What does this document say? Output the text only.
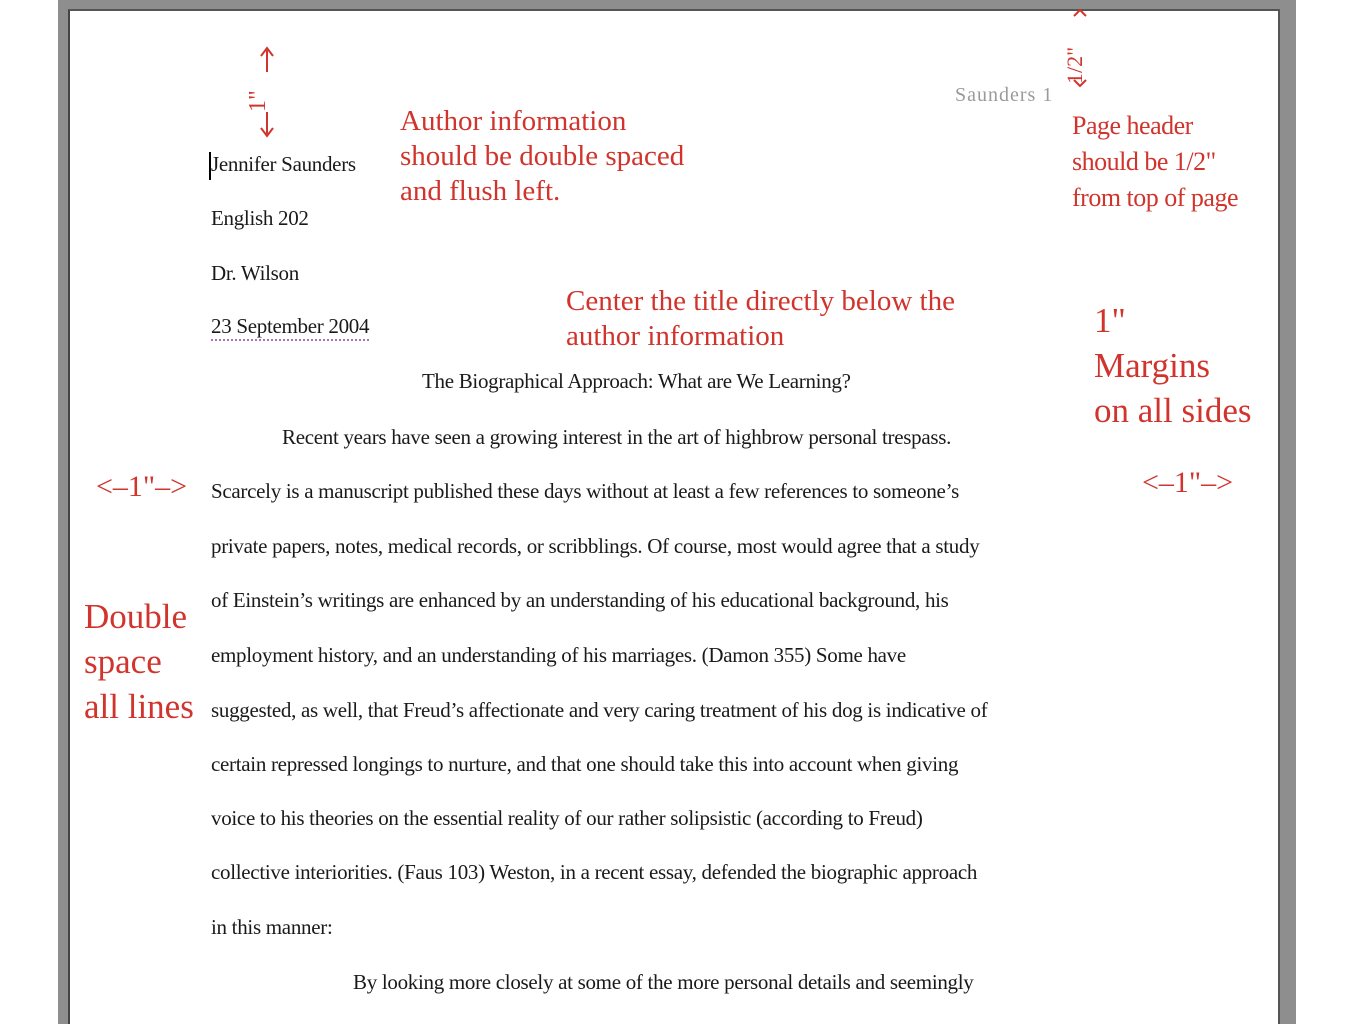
Saunders 1
Jennifer Saunders
English 202
Dr. Wilson
23 September 2004
The Biographical Approach: What are We Learning?
Recent years have seen a growing interest in the art of highbrow personal trespass.
Scarcely is a manuscript published these days without at least a few references to someone’s
private papers, notes, medical records, or scribblings. Of course, most would agree that a study
of Einstein’s writings are enhanced by an understanding of his educational background, his
employment history, and an understanding of his marriages. (Damon 355) Some have
suggested, as well, that Freud’s affectionate and very caring treatment of his dog is indicative of
certain repressed longings to nurture, and that one should take this into account when giving
voice to his theories on the essential reality of our rather solipsistic (according to Freud)
collective interiorities. (Faus 103) Weston, in a recent essay, defended the biographic approach
in this manner:
By looking more closely at some of the more personal details and seemingly
1"
1/2"
Author information
should be double spaced
and flush left.
Page header
should be 1/2"
from top of page
Center the title directly below the
author information	1"
Margins
on all sides
<–1"–>	<–1"–>
Double
space
all lines
